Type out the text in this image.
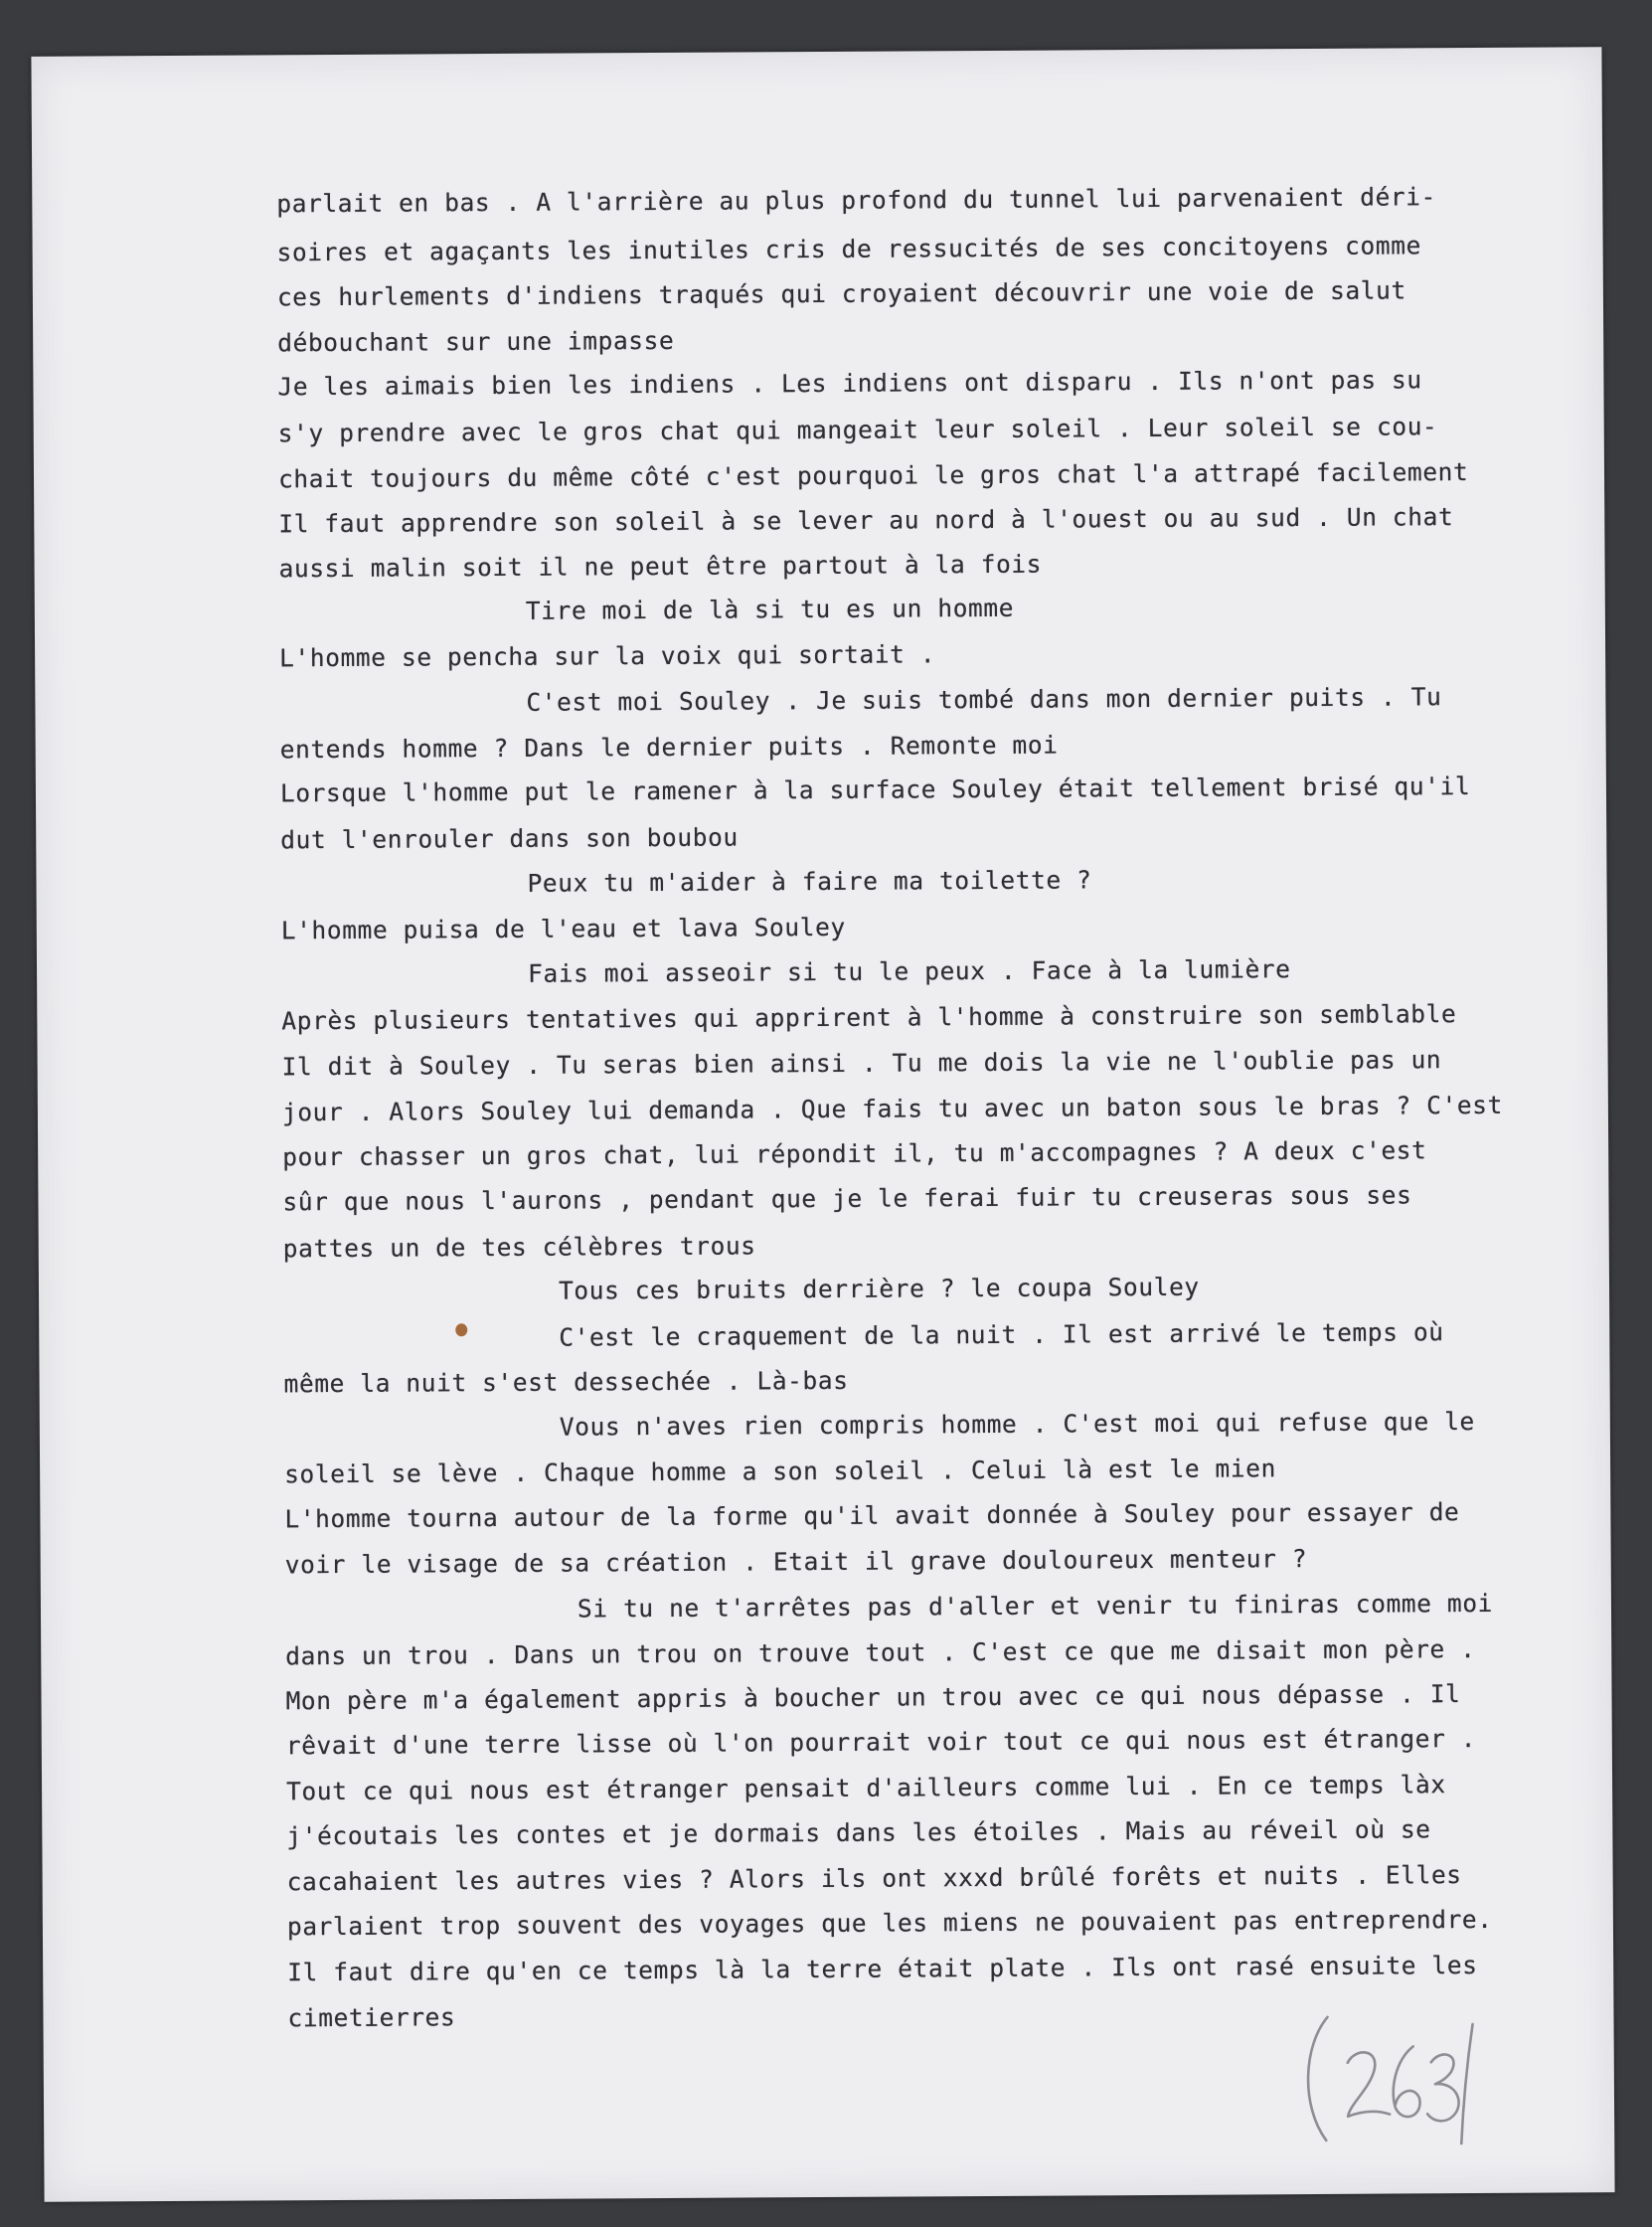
parlait en bas . A l'arrière au plus profond du tunnel lui parvenaient déri-
soires et agaçants les inutiles cris de ressucités de ses concitoyens comme
ces hurlements d'indiens traqués qui croyaient découvrir une voie de salut
débouchant sur une impasse
Je les aimais bien les indiens . Les indiens ont disparu . Ils n'ont pas su
s'y prendre avec le gros chat qui mangeait leur soleil . Leur soleil se cou-
chait toujours du même côté c'est pourquoi le gros chat l'a attrapé facilement
Il faut apprendre son soleil à se lever au nord à l'ouest ou au sud . Un chat
aussi malin soit il ne peut être partout à la fois
Tire moi de là si tu es un homme
L'homme se pencha sur la voix qui sortait .
C'est moi Souley . Je suis tombé dans mon dernier puits . Tu
entends homme ? Dans le dernier puits . Remonte moi
Lorsque l'homme put le ramener à la surface Souley était tellement brisé qu'il
dut l'enrouler dans son boubou
Peux tu m'aider à faire ma toilette ?
L'homme puisa de l'eau et lava Souley
Fais moi asseoir si tu le peux . Face à la lumière
Après plusieurs tentatives qui apprirent à l'homme à construire son semblable
Il dit à Souley . Tu seras bien ainsi . Tu me dois la vie ne l'oublie pas un
jour . Alors Souley lui demanda . Que fais tu avec un baton sous le bras ? C'est
pour chasser un gros chat, lui répondit il, tu m'accompagnes ? A deux c'est
sûr que nous l'aurons , pendant que je le ferai fuir tu creuseras sous ses
pattes un de tes célèbres trous
Tous ces bruits derrière ? le coupa Souley
C'est le craquement de la nuit . Il est arrivé le temps où
même la nuit s'est dessechée . Là-bas
Vous n'aves rien compris homme . C'est moi qui refuse que le
soleil se lève . Chaque homme a son soleil . Celui là est le mien
L'homme tourna autour de la forme qu'il avait donnée à Souley pour essayer de
voir le visage de sa création . Etait il grave douloureux menteur ?
Si tu ne t'arrêtes pas d'aller et venir tu finiras comme moi
dans un trou . Dans un trou on trouve tout . C'est ce que me disait mon père .
Mon père m'a également appris à boucher un trou avec ce qui nous dépasse . Il
rêvait d'une terre lisse où l'on pourrait voir tout ce qui nous est étranger .
Tout ce qui nous est étranger pensait d'ailleurs comme lui . En ce temps làx
j'écoutais les contes et je dormais dans les étoiles . Mais au réveil où se
cacahaient les autres vies ? Alors ils ont xxxd brûlé forêts et nuits . Elles
parlaient trop souvent des voyages que les miens ne pouvaient pas entreprendre.
Il faut dire qu'en ce temps là la terre était plate . Ils ont rasé ensuite les
cimetierres
